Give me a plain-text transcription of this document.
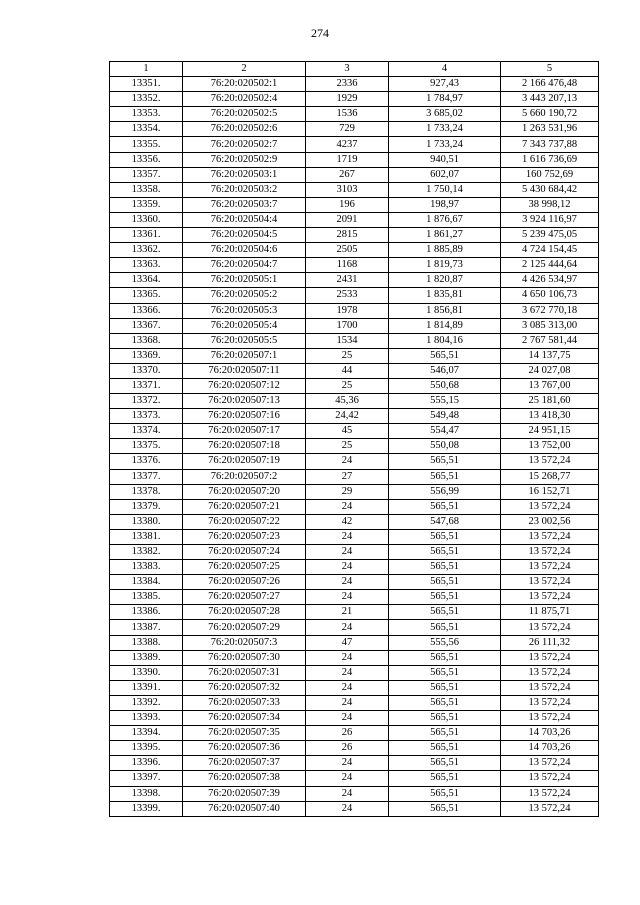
274
1	2	3	4	5
13351.	76:20:020502:1	2336	927,43	2 166 476,48
13352.	76:20:020502:4	1929	1 784,97	3 443 207,13
13353.	76:20:020502:5	1536	3 685,02	5 660 190,72
13354.	76:20:020502:6	729	1 733,24	1 263 531,96
13355.	76:20:020502:7	4237	1 733,24	7 343 737,88
13356.	76:20:020502:9	1719	940,51	1 616 736,69
13357.	76:20:020503:1	267	602,07	160 752,69
13358.	76:20:020503:2	3103	1 750,14	5 430 684,42
13359.	76:20:020503:7	196	198,97	38 998,12
13360.	76:20:020504:4	2091	1 876,67	3 924 116,97
13361.	76:20:020504:5	2815	1 861,27	5 239 475,05
13362.	76:20:020504:6	2505	1 885,89	4 724 154,45
13363.	76:20:020504:7	1168	1 819,73	2 125 444,64
13364.	76:20:020505:1	2431	1 820,87	4 426 534,97
13365.	76:20:020505:2	2533	1 835,81	4 650 106,73
13366.	76:20:020505:3	1978	1 856,81	3 672 770,18
13367.	76:20:020505:4	1700	1 814,89	3 085 313,00
13368.	76:20:020505:5	1534	1 804,16	2 767 581,44
13369.	76:20:020507:1	25	565,51	14 137,75
13370.	76:20:020507:11	44	546,07	24 027,08
13371.	76:20:020507:12	25	550,68	13 767,00
13372.	76:20:020507:13	45,36	555,15	25 181,60
13373.	76:20:020507:16	24,42	549,48	13 418,30
13374.	76:20:020507:17	45	554,47	24 951,15
13375.	76:20:020507:18	25	550,08	13 752,00
13376.	76:20:020507:19	24	565,51	13 572,24
13377.	76:20:020507:2	27	565,51	15 268,77
13378.	76:20:020507:20	29	556,99	16 152,71
13379.	76:20:020507:21	24	565,51	13 572,24
13380.	76:20:020507:22	42	547,68	23 002,56
13381.	76:20:020507:23	24	565,51	13 572,24
13382.	76:20:020507:24	24	565,51	13 572,24
13383.	76:20:020507:25	24	565,51	13 572,24
13384.	76:20:020507:26	24	565,51	13 572,24
13385.	76:20:020507:27	24	565,51	13 572,24
13386.	76:20:020507:28	21	565,51	11 875,71
13387.	76:20:020507:29	24	565,51	13 572,24
13388.	76:20:020507:3	47	555,56	26 111,32
13389.	76:20:020507:30	24	565,51	13 572,24
13390.	76:20:020507:31	24	565,51	13 572,24
13391.	76:20:020507:32	24	565,51	13 572,24
13392.	76:20:020507:33	24	565,51	13 572,24
13393.	76:20:020507:34	24	565,51	13 572,24
13394.	76:20:020507:35	26	565,51	14 703,26
13395.	76:20:020507:36	26	565,51	14 703,26
13396.	76:20:020507:37	24	565,51	13 572,24
13397.	76:20:020507:38	24	565,51	13 572,24
13398.	76:20:020507:39	24	565,51	13 572,24
13399.	76:20:020507:40	24	565,51	13 572,24
